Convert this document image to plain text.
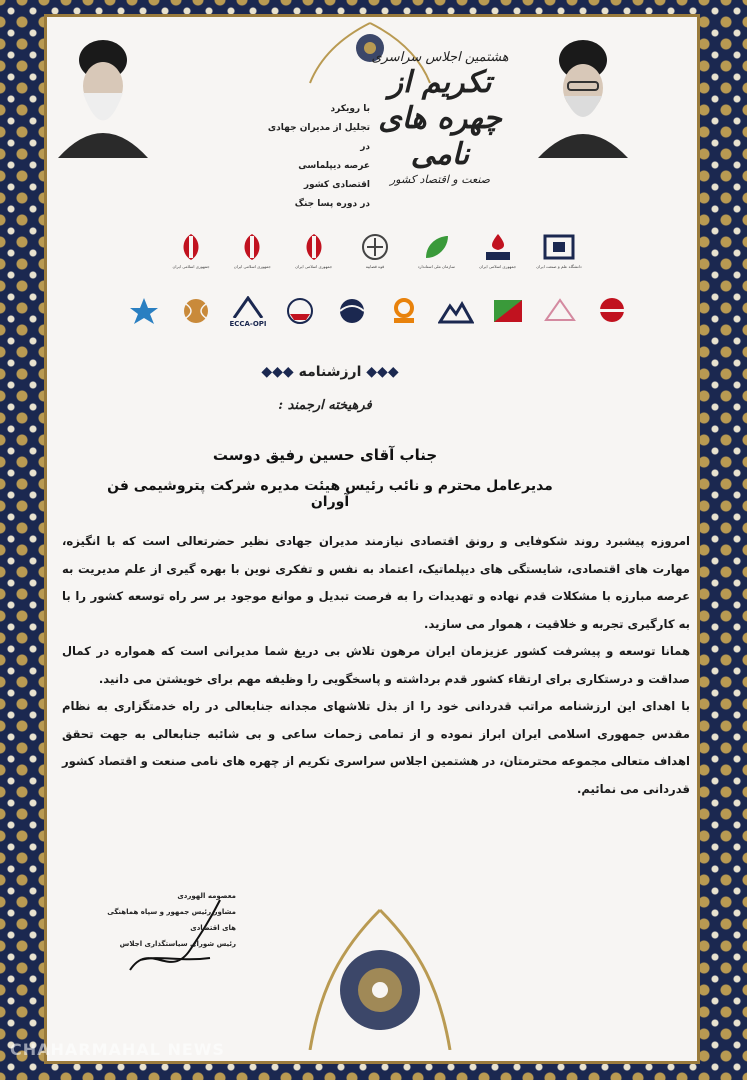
با رویکرد
تجلیل از مدیران جهادی در
عرصه دیپلماسی اقتصادی کشور
در دوره پسا جنگ
هشتمین اجلاس سراسری
تکریم از چهره های نامی
صنعت و اقتصاد کشور
دانشگاه علم و صنعت ایران
جمهوری اسلامی ایران
سازمان ملی استاندارد
قوه قضاییه
جمهوری اسلامی ایران
جمهوری اسلامی ایران
جمهوری اسلامی ایران
ECCA-OPI
◆◆◆ ارزشنامه ◆◆◆
فرهیخته ارجمند :
جناب آقای حسین رفیق دوست
مدیرعامل محترم و نائب رئیس هیئت مدیره شرکت پتروشیمی فن آوران

امروزه پیشبرد روند شکوفایی و رونق اقتصادی نیازمند مدیران جهادی نظیر حضرتعالی است که با انگیزه، مهارت های اقتصادی، شایستگی های دیپلماتیک، اعتماد به نفس و تفکری نوین با بهره گیری از علم مدیریت به عرصه مبارزه با مشکلات قدم نهاده و تهدیدات را به فرصت تبدیل و موانع موجود بر سر راه توسعه کشور را با به کارگیری تجربه و خلاقیت ، هموار می سازید.

همانا توسعه و پیشرفت کشور عزیزمان ایران مرهون تلاش بی دریغ شما مدیرانی است که همواره در کمال صداقت و درستکاری برای ارتقاء کشور قدم برداشته و پاسخگویی را وظیفه مهم برای خویشتن می دانید.

با اهدای این ارزشنامه مراتب قدردانی خود را از بذل تلاشهای مجدانه جنابعالی در راه خدمتگزاری به نظام مقدس جمهوری اسلامی ایران ابراز نموده و از تمامی زحمات ساعی و بی شائبه جنابعالی به جهت تحقق اهداف متعالی مجموعه محترمتان، در هشتمین اجلاس سراسری تکریم از چهره های نامی صنعت و اقتصاد کشور قدردانی می نمائیم.

معصومه الهوردی
مشاور رئیس جمهور و سپاه هماهنگی های اقتصادی
رئیس شورای سیاستگذاری اجلاس
CHAHARMAHAL NEWS
